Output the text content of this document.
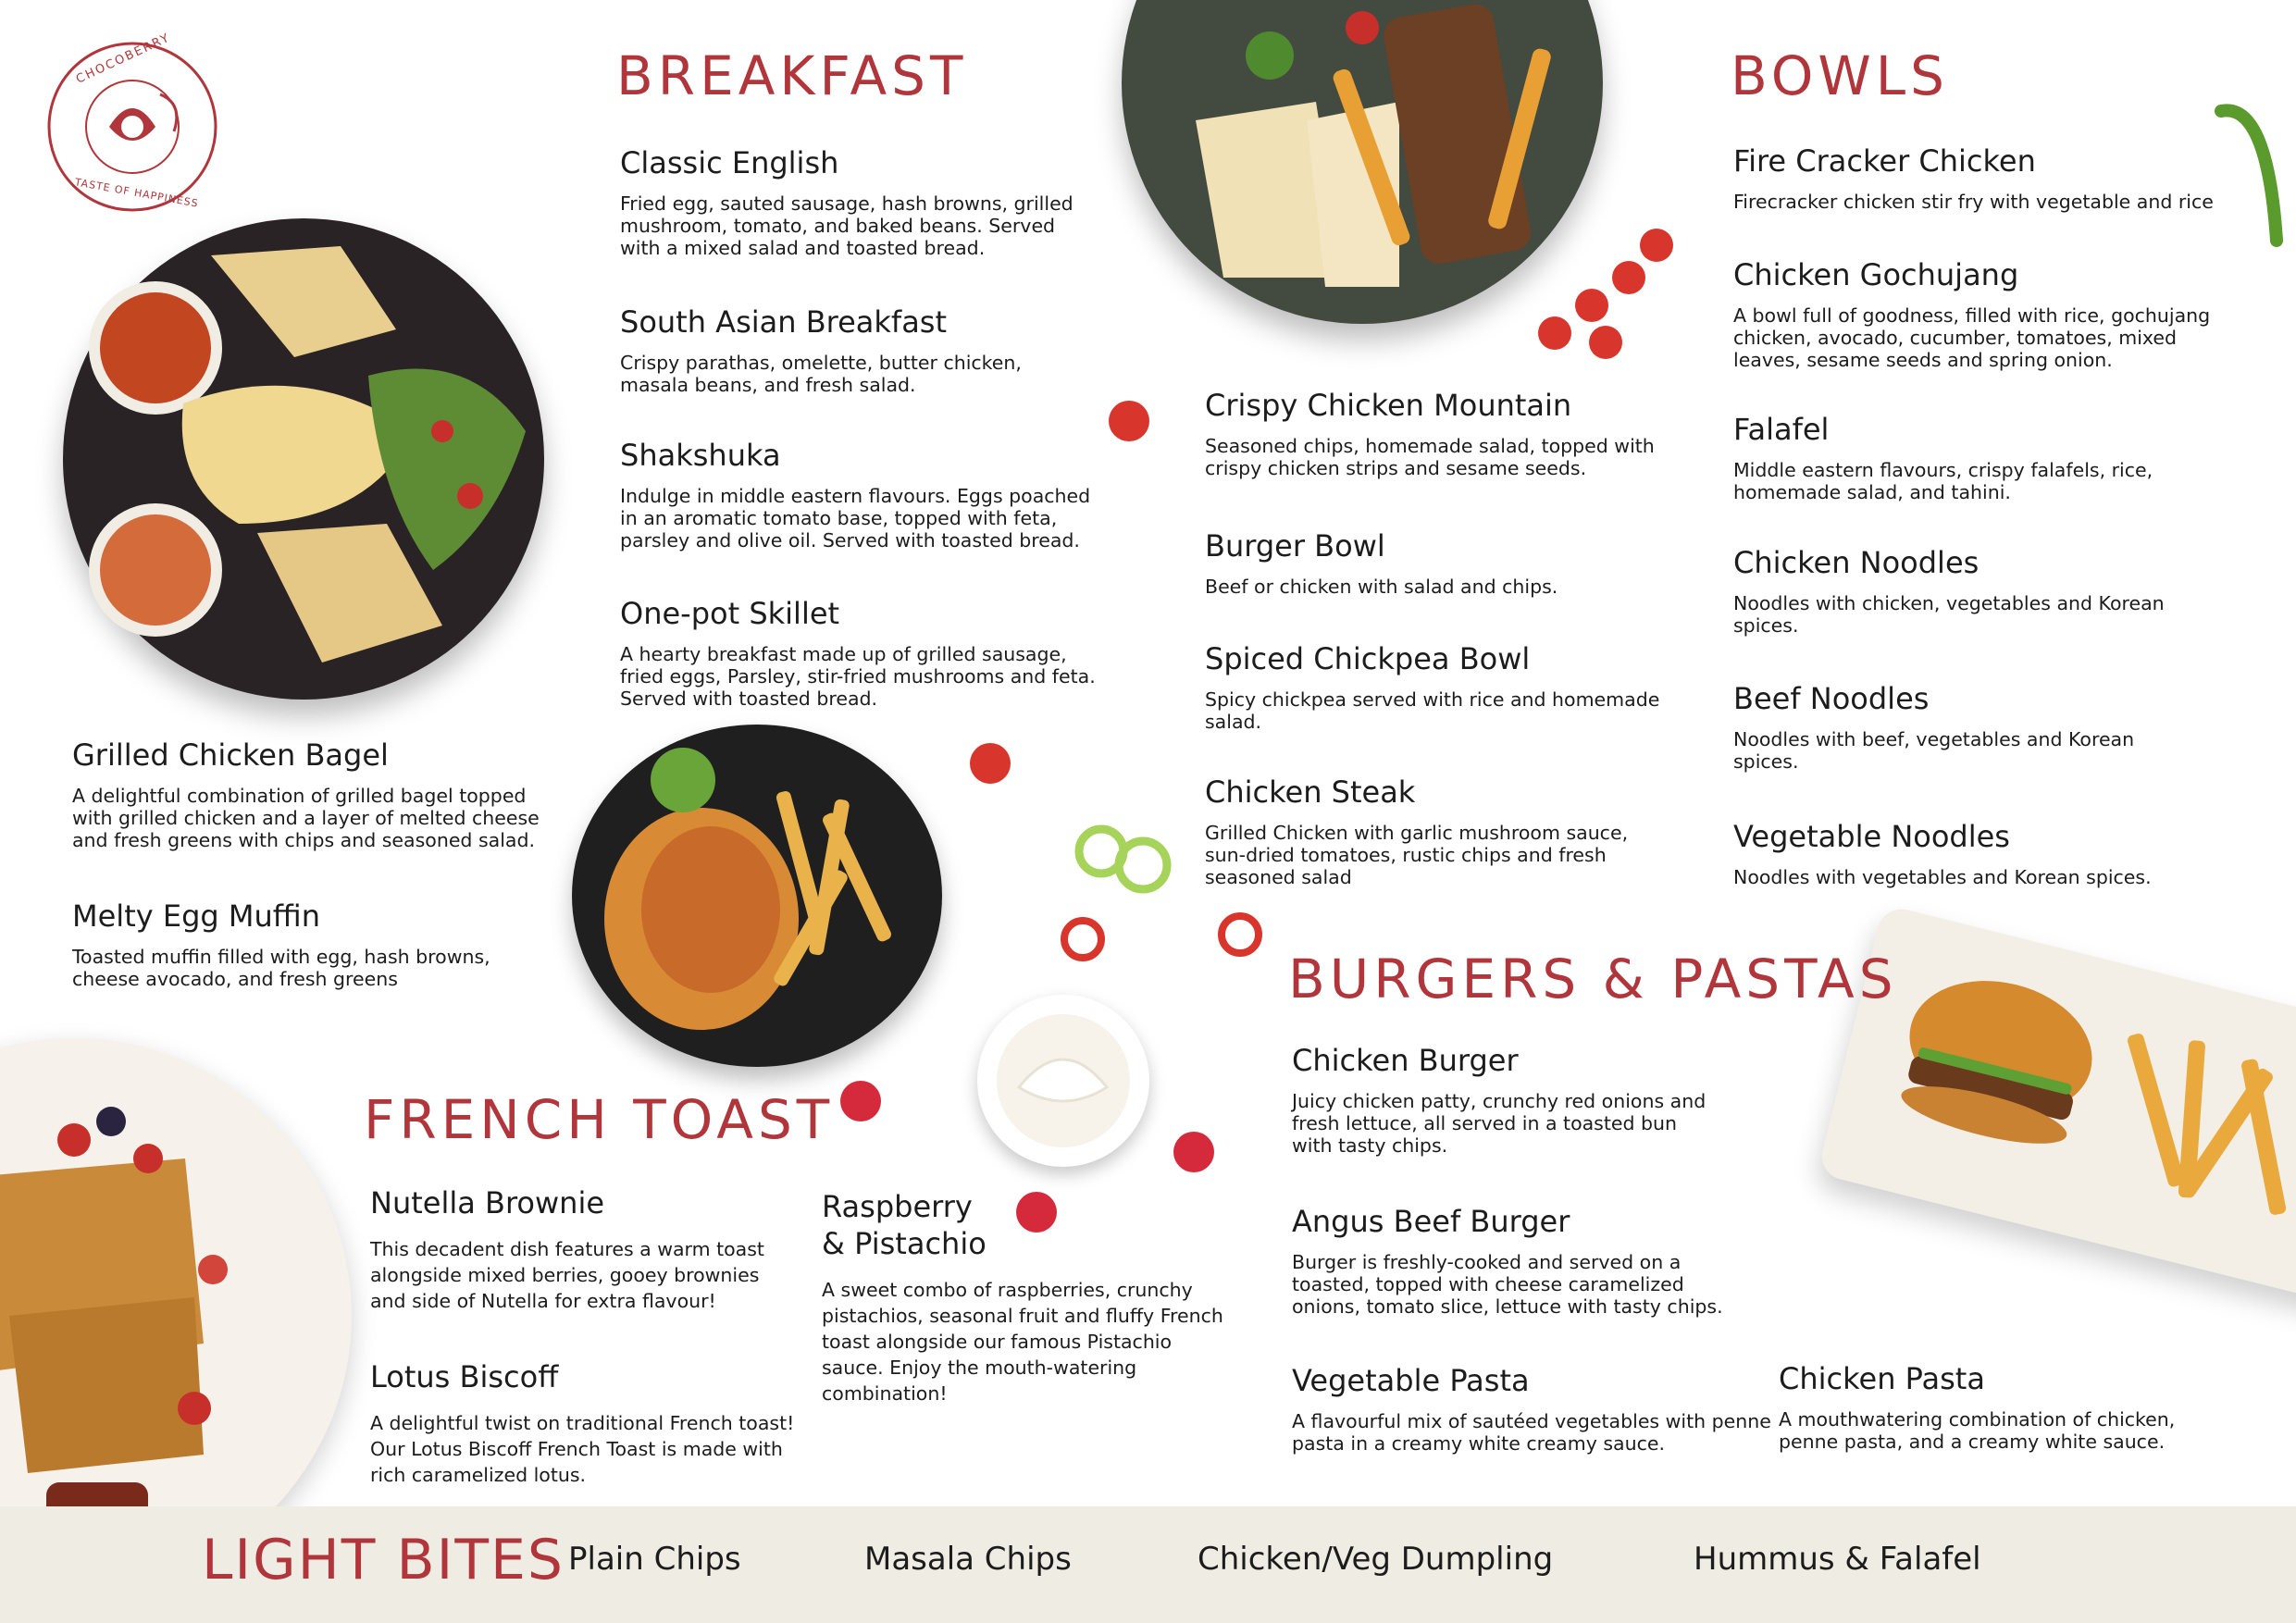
CHOCOBERRY
TASTE OF HAPPINESS
BREAKFAST
Classic English
Fried egg, sauted sausage, hash browns, grilled mushroom, tomato, and baked beans. Served with a mixed salad and toasted bread.
South Asian Breakfast
Crispy parathas, omelette, butter chicken, masala beans, and fresh salad.
Shakshuka
Indulge in middle eastern flavours. Eggs poached in an aromatic tomato base, topped with feta, parsley and olive oil. Served with toasted bread.
One-pot Skillet
A hearty breakfast made up of grilled sausage, fried eggs, Parsley, stir-fried mushrooms and feta. Served with toasted bread.
Grilled Chicken Bagel
A delightful combination of grilled bagel topped with grilled chicken and a layer of melted cheese and fresh greens with chips and seasoned salad.
Melty Egg Muffin
Toasted muffin filled with egg, hash browns, cheese avocado, and fresh greens
Crispy Chicken Mountain
Seasoned chips, homemade salad, topped with crispy chicken strips and sesame seeds.
Burger Bowl
Beef or chicken with salad and chips.
Spiced Chickpea Bowl
Spicy chickpea served with rice and homemade salad.
Chicken Steak
Grilled Chicken with garlic mushroom sauce, sun-dried tomatoes, rustic chips and fresh seasoned salad
BOWLS
Fire Cracker Chicken
Firecracker chicken stir fry with vegetable and rice
Chicken Gochujang
A bowl full of goodness, filled with rice, gochujang chicken, avocado, cucumber, tomatoes, mixed leaves, sesame seeds and spring onion.
Falafel
Middle eastern flavours, crispy falafels, rice, homemade salad, and tahini.
Chicken Noodles
Noodles with chicken, vegetables and Korean spices.
Beef Noodles
Noodles with beef, vegetables and Korean spices.
Vegetable Noodles
Noodles with vegetables and Korean spices.
FRENCH TOAST
Nutella Brownie
This decadent dish features a warm toast alongside mixed berries, gooey brownies and side of Nutella for extra flavour!
Lotus Biscoff
A delightful twist on traditional French toast! Our Lotus Biscoff French Toast is made with rich caramelized lotus.
Raspberry
& Pistachio
A sweet combo of raspberries, crunchy pistachios, seasonal fruit and fluffy French toast alongside our famous Pistachio sauce. Enjoy the mouth-watering combination!
BURGERS & PASTAS
Chicken Burger
Juicy chicken patty, crunchy red onions and fresh lettuce, all served in a toasted bun with tasty chips.
Angus Beef Burger
Burger is freshly-cooked and served on a toasted, topped with cheese caramelized onions, tomato slice, lettuce with tasty chips.
Vegetable Pasta
A flavourful mix of sautéed vegetables with penne pasta in a creamy white creamy sauce.
Chicken Pasta
A mouthwatering combination of chicken, penne pasta, and a creamy white sauce.
LIGHT BITES Plain Chips	Masala Chips	Chicken/Veg Dumpling	Hummus & Falafel
